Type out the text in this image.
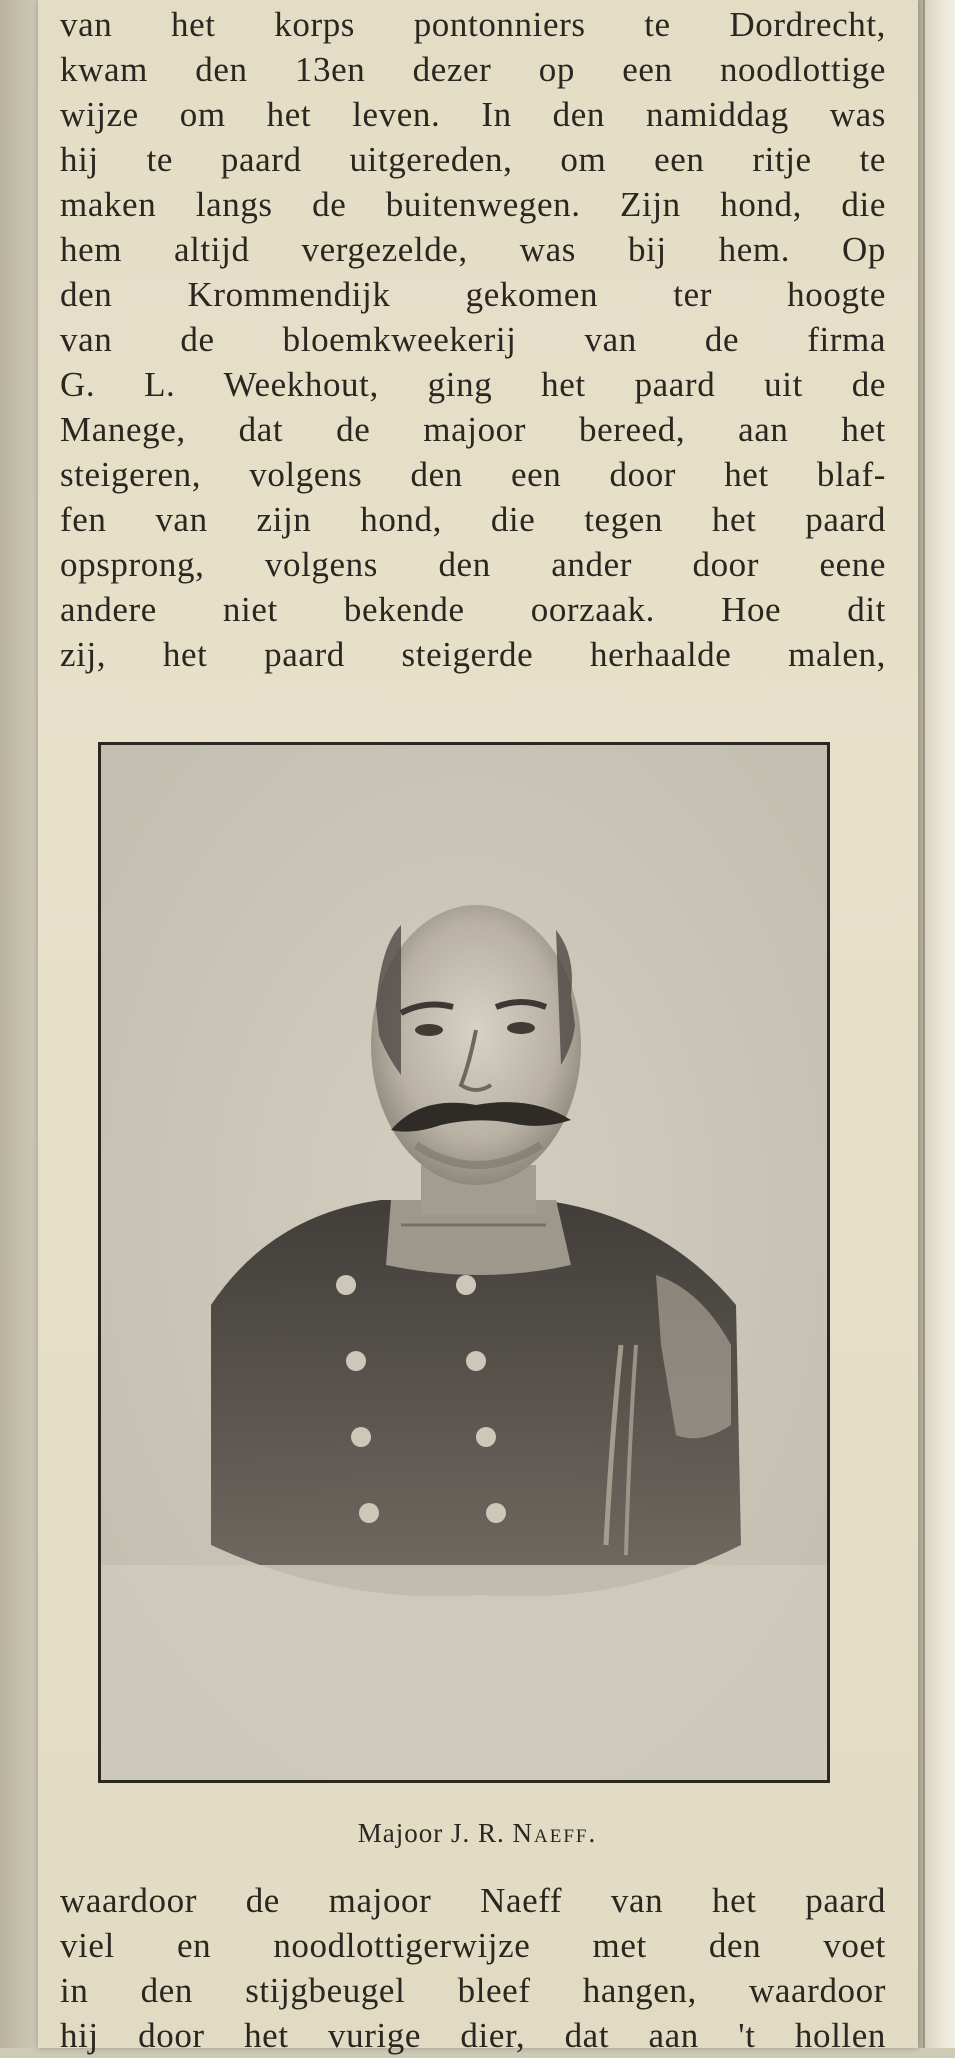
van het korps pontonniers te Dordrecht,
kwam den 13en dezer op een noodlottige
wijze om het leven. In den namiddag was
hij te paard uitgereden, om een ritje te
maken langs de buitenwegen. Zijn hond, die
hem altijd vergezelde, was bij hem. Op
den Krommendijk gekomen ter hoogte
van de bloemkweekerij van de firma
G. L. Weekhout, ging het paard uit de
Manege, dat de majoor bereed, aan het
steigeren, volgens den een door het blaf-
fen van zijn hond, die tegen het paard
opsprong, volgens den ander door eene
andere niet bekende oorzaak. Hoe dit
zij, het paard steigerde herhaalde malen,
Majoor J. R. Naeff.
waardoor de majoor Naeff van het paard
viel en noodlottigerwijze met den voet
in den stijgbeugel bleef hangen, waardoor
hij door het vurige dier, dat aan 't hollen
